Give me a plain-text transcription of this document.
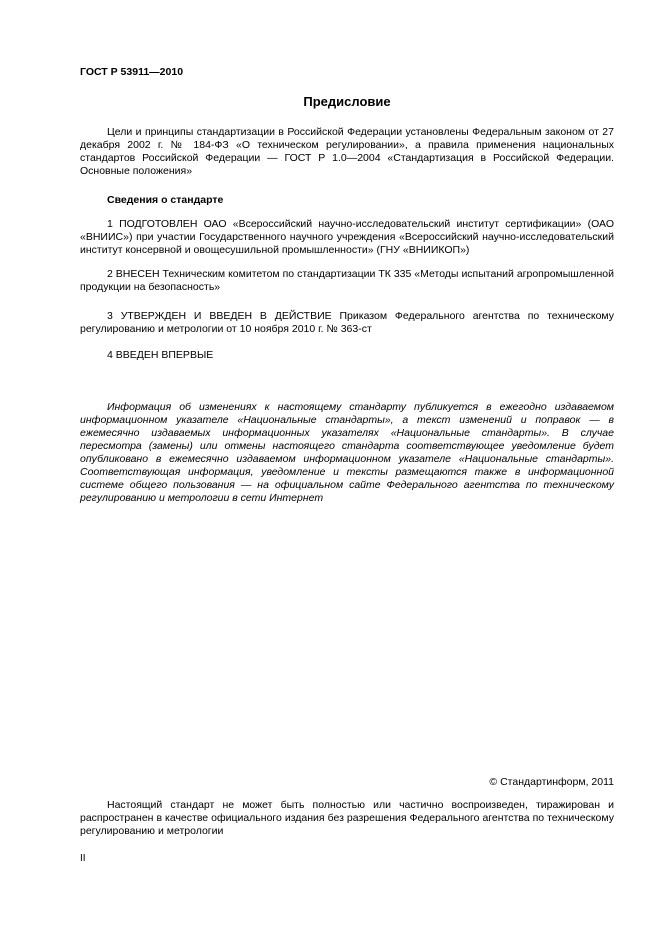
ГОСТ Р 53911—2010
Предисловие

Цели и принципы стандартизации в Российской Федерации установлены Федеральным законом от 27 декабря 2002 г. № 184-ФЗ «О техническом регулировании», а правила применения национальных стандартов Российской Федерации — ГОСТ Р 1.0—2004 «Стандартизация в Российской Федерации. Основные положения»

Сведения о стандарте

1 ПОДГОТОВЛЕН ОАО «Всероссийский научно-исследовательский институт сертификации» (ОАО «ВНИИС») при участии Государственного научного учреждения «Всероссийский научно-исследовательский институт консервной и овощесушильной промышленности» (ГНУ «ВНИИКОП»)

2 ВНЕСЕН Техническим комитетом по стандартизации ТК 335 «Методы испытаний агропромышленной продукции на безопасность»

3 УТВЕРЖДЕН И ВВЕДЕН В ДЕЙСТВИЕ Приказом Федерального агентства по техническому регулированию и метрологии от 10 ноября 2010 г. № 363-ст

4 ВВЕДЕН ВПЕРВЫЕ

Информация об изменениях к настоящему стандарту публикуется в ежегодно издаваемом информационном указателе «Национальные стандарты», а текст изменений и поправок — в ежемесячно издаваемых информационных указателях «Национальные стандарты». В случае пересмотра (замены) или отмены настоящего стандарта соответствующее уведомление будет опубликовано в ежемесячно издаваемом информационном указателе «Национальные стандарты». Соответствующая информация, уведомление и тексты размещаются также в информационной системе общего пользования — на официальном сайте Федерального агентства по техническому регулированию и метрологии в сети Интернет

© Стандартинформ, 2011

Настоящий стандарт не может быть полностью или частично воспроизведен, тиражирован и распространен в качестве официального издания без разрешения Федерального агентства по техническому регулированию и метрологии

II
